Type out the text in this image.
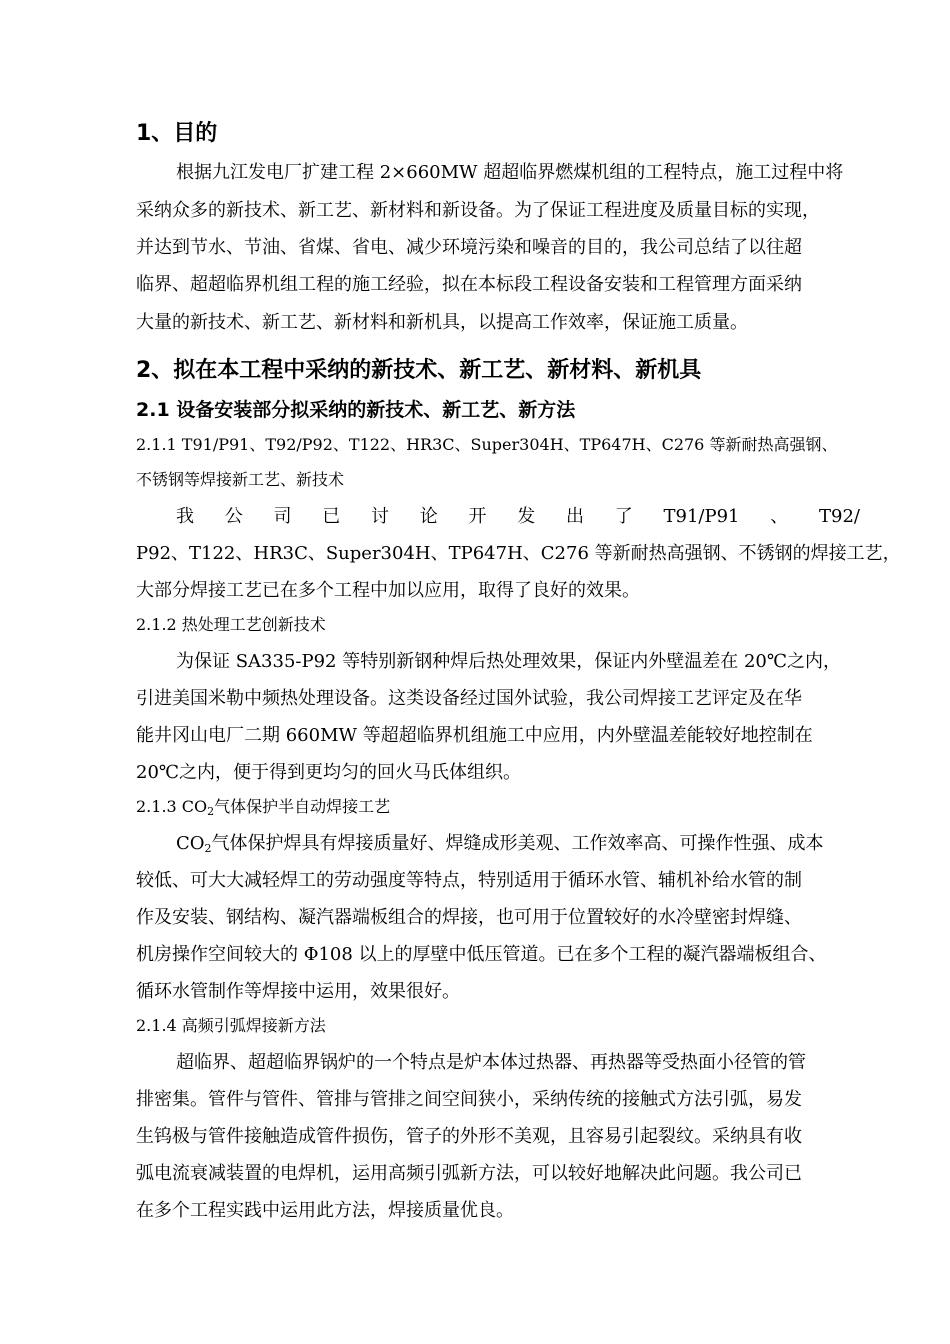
1、目的
根据九江发电厂扩建工程 2×660MW 超超临界燃煤机组的工程特点，施工过程中将
采纳众多的新技术、新工艺、新材料和新设备。为了保证工程进度及质量目标的实现，
并达到节水、节油、省煤、省电、减少环境污染和噪音的目的，我公司总结了以往超
临界、超超临界机组工程的施工经验，拟在本标段工程设备安装和工程管理方面采纳
大量的新技术、新工艺、新材料和新机具，以提高工作效率，保证施工质量。
2、拟在本工程中采纳的新技术、新工艺、新材料、新机具
2.1 设备安装部分拟采纳的新技术、新工艺、新方法
2.1.1 T91/P91、T92/P92、T122、HR3C、Super304H、TP647H、C276 等新耐热高强钢、
不锈钢等焊接新工艺、新技术
我 公 司 已 讨 论 开 发 出 了 T91/P91 、 T92/
P92、T122、HR3C、Super304H、TP647H、C276 等新耐热高强钢、不锈钢的焊接工艺，
大部分焊接工艺已在多个工程中加以应用，取得了良好的效果。
2.1.2 热处理工艺创新技术
为保证 SA335-P92 等特别新钢种焊后热处理效果，保证内外壁温差在 20℃之内，
引进美国米勒中频热处理设备。这类设备经过国外试验，我公司焊接工艺评定及在华
能井冈山电厂二期 660MW 等超超临界机组施工中应用，内外壁温差能较好地控制在
20℃之内，便于得到更均匀的回火马氏体组织。
2.1.3 $CO_2$气体保护半自动焊接工艺
$CO_2$气体保护焊具有焊接质量好、焊缝成形美观、工作效率高、可操作性强、成本
较低、可大大减轻焊工的劳动强度等特点，特别适用于循环水管、辅机补给水管的制
作及安装、钢结构、凝汽器端板组合的焊接，也可用于位置较好的水冷壁密封焊缝、
机房操作空间较大的 Φ108 以上的厚壁中低压管道。已在多个工程的凝汽器端板组合、
循环水管制作等焊接中运用，效果很好。
2.1.4 高频引弧焊接新方法
超临界、超超临界锅炉的一个特点是炉本体过热器、再热器等受热面小径管的管
排密集。管件与管件、管排与管排之间空间狭小，采纳传统的接触式方法引弧，易发
生钨极与管件接触造成管件损伤，管子的外形不美观，且容易引起裂纹。采纳具有收
弧电流衰减装置的电焊机，运用高频引弧新方法，可以较好地解决此问题。我公司已
在多个工程实践中运用此方法，焊接质量优良。
